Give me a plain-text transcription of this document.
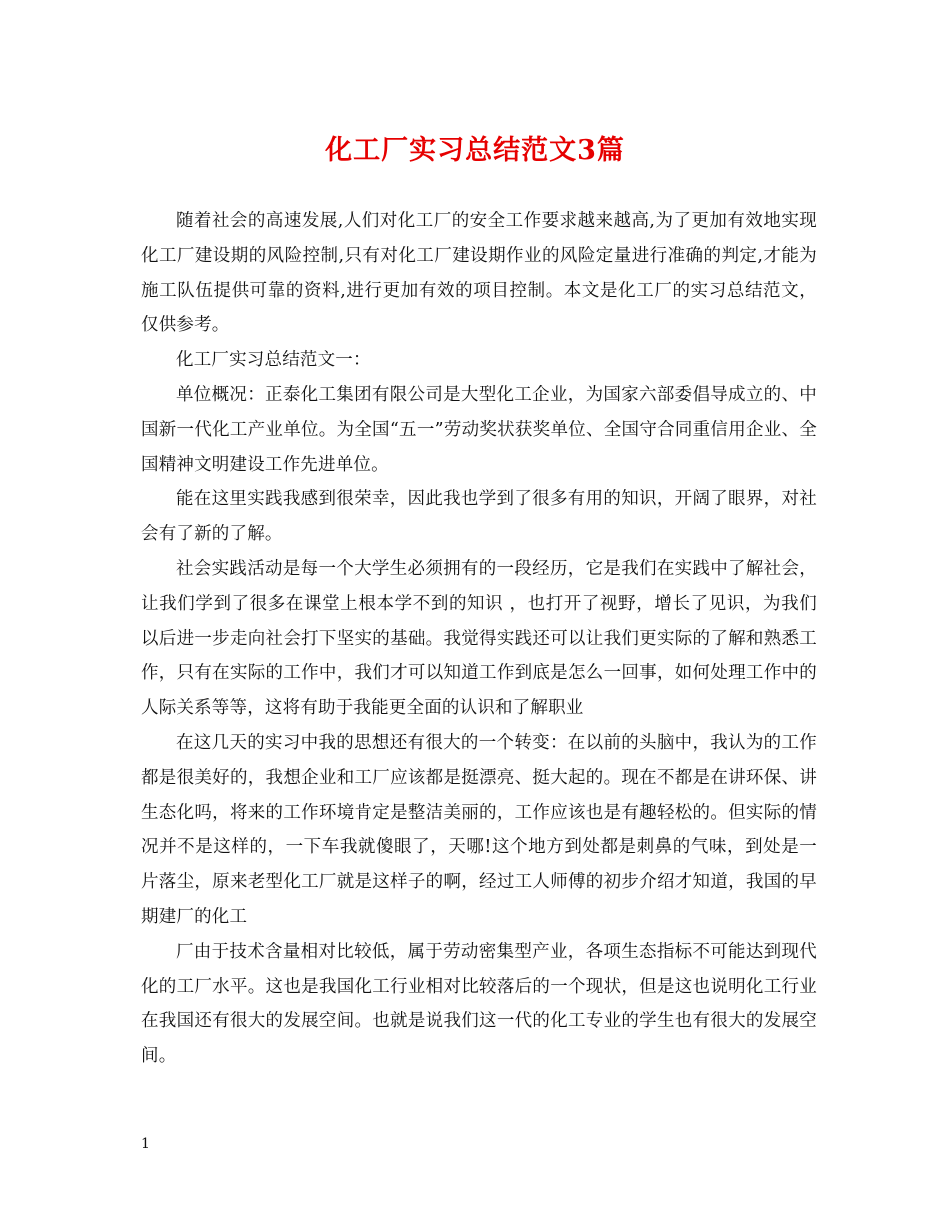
化工厂实习总结范文3篇

随着社会的高速发展,人们对化工厂的安全工作要求越来越高,为了更加有效地实现化工厂建设期的风险控制,只有对化工厂建设期作业的风险定量进行准确的判定,才能为施工队伍提供可靠的资料,进行更加有效的项目控制。本文是化工厂的实习总结范文，仅供参考。

化工厂实习总结范文一：

单位概况：正泰化工集团有限公司是大型化工企业，为国家六部委倡导成立的、中国新一代化工产业单位。为全国“五一”劳动奖状获奖单位、全国守合同重信用企业、全国精神文明建设工作先进单位。

能在这里实践我感到很荣幸，因此我也学到了很多有用的知识，开阔了眼界，对社会有了新的了解。

社会实践活动是每一个大学生必须拥有的一段经历，它是我们在实践中了解社会，让我们学到了很多在课堂上根本学不到的知识 ，也打开了视野，增长了见识，为我们以后进一步走向社会打下坚实的基础。我觉得实践还可以让我们更实际的了解和熟悉工作，只有在实际的工作中，我们才可以知道工作到底是怎么一回事，如何处理工作中的人际关系等等，这将有助于我能更全面的认识和了解职业

在这几天的实习中我的思想还有很大的一个转变：在以前的头脑中，我认为的工作都是很美好的，我想企业和工厂应该都是挺漂亮、挺大起的。现在不都是在讲环保、讲生态化吗，将来的工作环境肯定是整洁美丽的，工作应该也是有趣轻松的。但实际的情况并不是这样的，一下车我就傻眼了，天哪!这个地方到处都是刺鼻的气味，到处是一片落尘，原来老型化工厂就是这样子的啊，经过工人师傅的初步介绍才知道，我国的早期建厂的化工

厂由于技术含量相对比较低，属于劳动密集型产业，各项生态指标不可能达到现代化的工厂水平。这也是我国化工行业相对比较落后的一个现状，但是这也说明化工行业在我国还有很大的发展空间。也就是说我们这一代的化工专业的学生也有很大的发展空间。

1
